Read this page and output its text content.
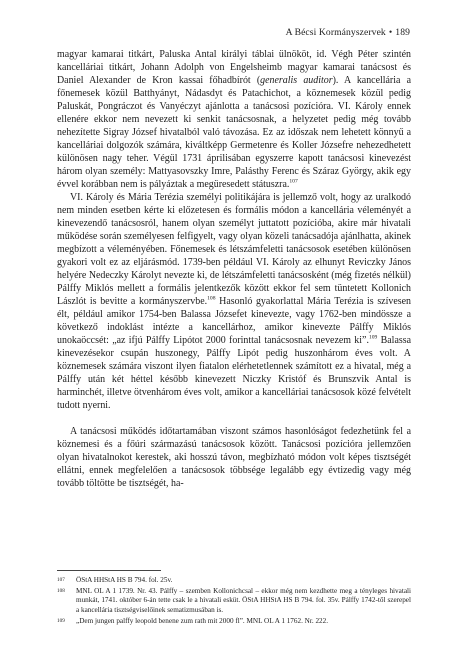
A Bécsi Kormányszervek • 189

magyar kamarai titkárt, Paluska Antal királyi táblai ülnököt, id. Végh Péter szintén kancelláriai titkárt, Johann Adolph von Engelsheimb magyar kamarai tanácsost és Daniel Alexander de Kron kassai főhadbírót (generalis auditor). A kancellária a főnemesek közül Batthyányt, Nádasdyt és Patachichot, a köznemesek közül pedig Paluskát, Pongráczot és Vanyéczyt ajánlotta a tanácsosi pozícióra. VI. Károly ennek ellenére ekkor nem nevezett ki senkit tanácsosnak, a helyzetet pedig még tovább nehezítette Sigray József hivatalból való távozása. Ez az időszak nem lehetett könnyű a kancelláriai dolgozók számára, kiváltképp Germetenre és Koller Józsefre nehezedhetett különösen nagy teher. Végül 1731 áprilisában egyszerre kapott tanácsosi kinevezést három olyan személy: Mattyasovszky Imre, Palásthy Ferenc és Száraz György, akik egy évvel korábban nem is pályáztak a megüresedett státuszra.$^{107}$

VI. Károly és Mária Terézia személyi politikájára is jellemző volt, hogy az uralkodó nem minden esetben kérte ki előzetesen és formális módon a kancellária véleményét a kinevezendő tanácsosról, hanem olyan személyt juttatott pozícióba, akire már hivatali működése során személyesen felfigyelt, vagy olyan közeli tanácsadója ajánlhatta, akinek megbízott a véleményében. Főnemesek és létszámfeletti tanácsosok esetében különösen gyakori volt ez az eljárásmód. 1739-ben például VI. Károly az elhunyt Reviczky János helyére Nedeczky Károlyt nevezte ki, de létszámfeletti tanácsosként (még fizetés nélkül) Pálffy Miklós mellett a formális jelentkezők között ekkor fel sem tüntetett Kollonich Lászlót is bevitte a kormányszervbe.$^{108}$ Hasonló gyakorlattal Mária Terézia is szívesen élt, például amikor 1754-ben Balassa Józsefet kinevezte, vagy 1762-ben mindössze a következő indoklást intézte a kancellárhoz, amikor kinevezte Pálffy Miklós unokaöccsét: „az ifjú Pálffy Lipótot 2000 forinttal tanácsosnak nevezem ki”.$^{109}$ Balassa kinevezésekor csupán huszonegy, Pálffy Lipót pedig huszonhárom éves volt. A köznemesek számára viszont ilyen fiatalon elérhetetlennek számított ez a hivatal, még a Pálffy után két héttel később kinevezett Niczky Kristóf és Brunszvik Antal is harminchét, illetve ötvenhárom éves volt, amikor a kancelláriai tanácsosok közé felvételt tudott nyerni.

A tanácsosi működés időtartamában viszont számos hasonlóságot fedezhetünk fel a köznemesi és a főúri származású tanácsosok között. Tanácsosi pozícióra jellemzően olyan hivatalnokot kerestek, aki hosszú távon, megbízható módon volt képes tisztségét ellátni, ennek megfelelően a tanácsosok többsége legalább egy évtizedig vagy még tovább töltötte be tisztségét, ha-

107 ÖStA HHStA HS B 794. fol. 25v.
108 MNL OL A 1 1739. Nr. 43. Pálffy – szemben Kollonichcsal – ekkor még nem kezdhette meg a tényleges hivatali munkát, 1741. október 6-án tette csak le a hivatali esküt. ÖStA HHStA HS B 794. fol. 35v. Pálffy 1742-től szerepel a kancellária tisztségviselőinek sematizmusában is.
109 „Dem jungen palffy leopold benene zum rath mit 2000 fl”. MNL OL A 1 1762. Nr. 222.
